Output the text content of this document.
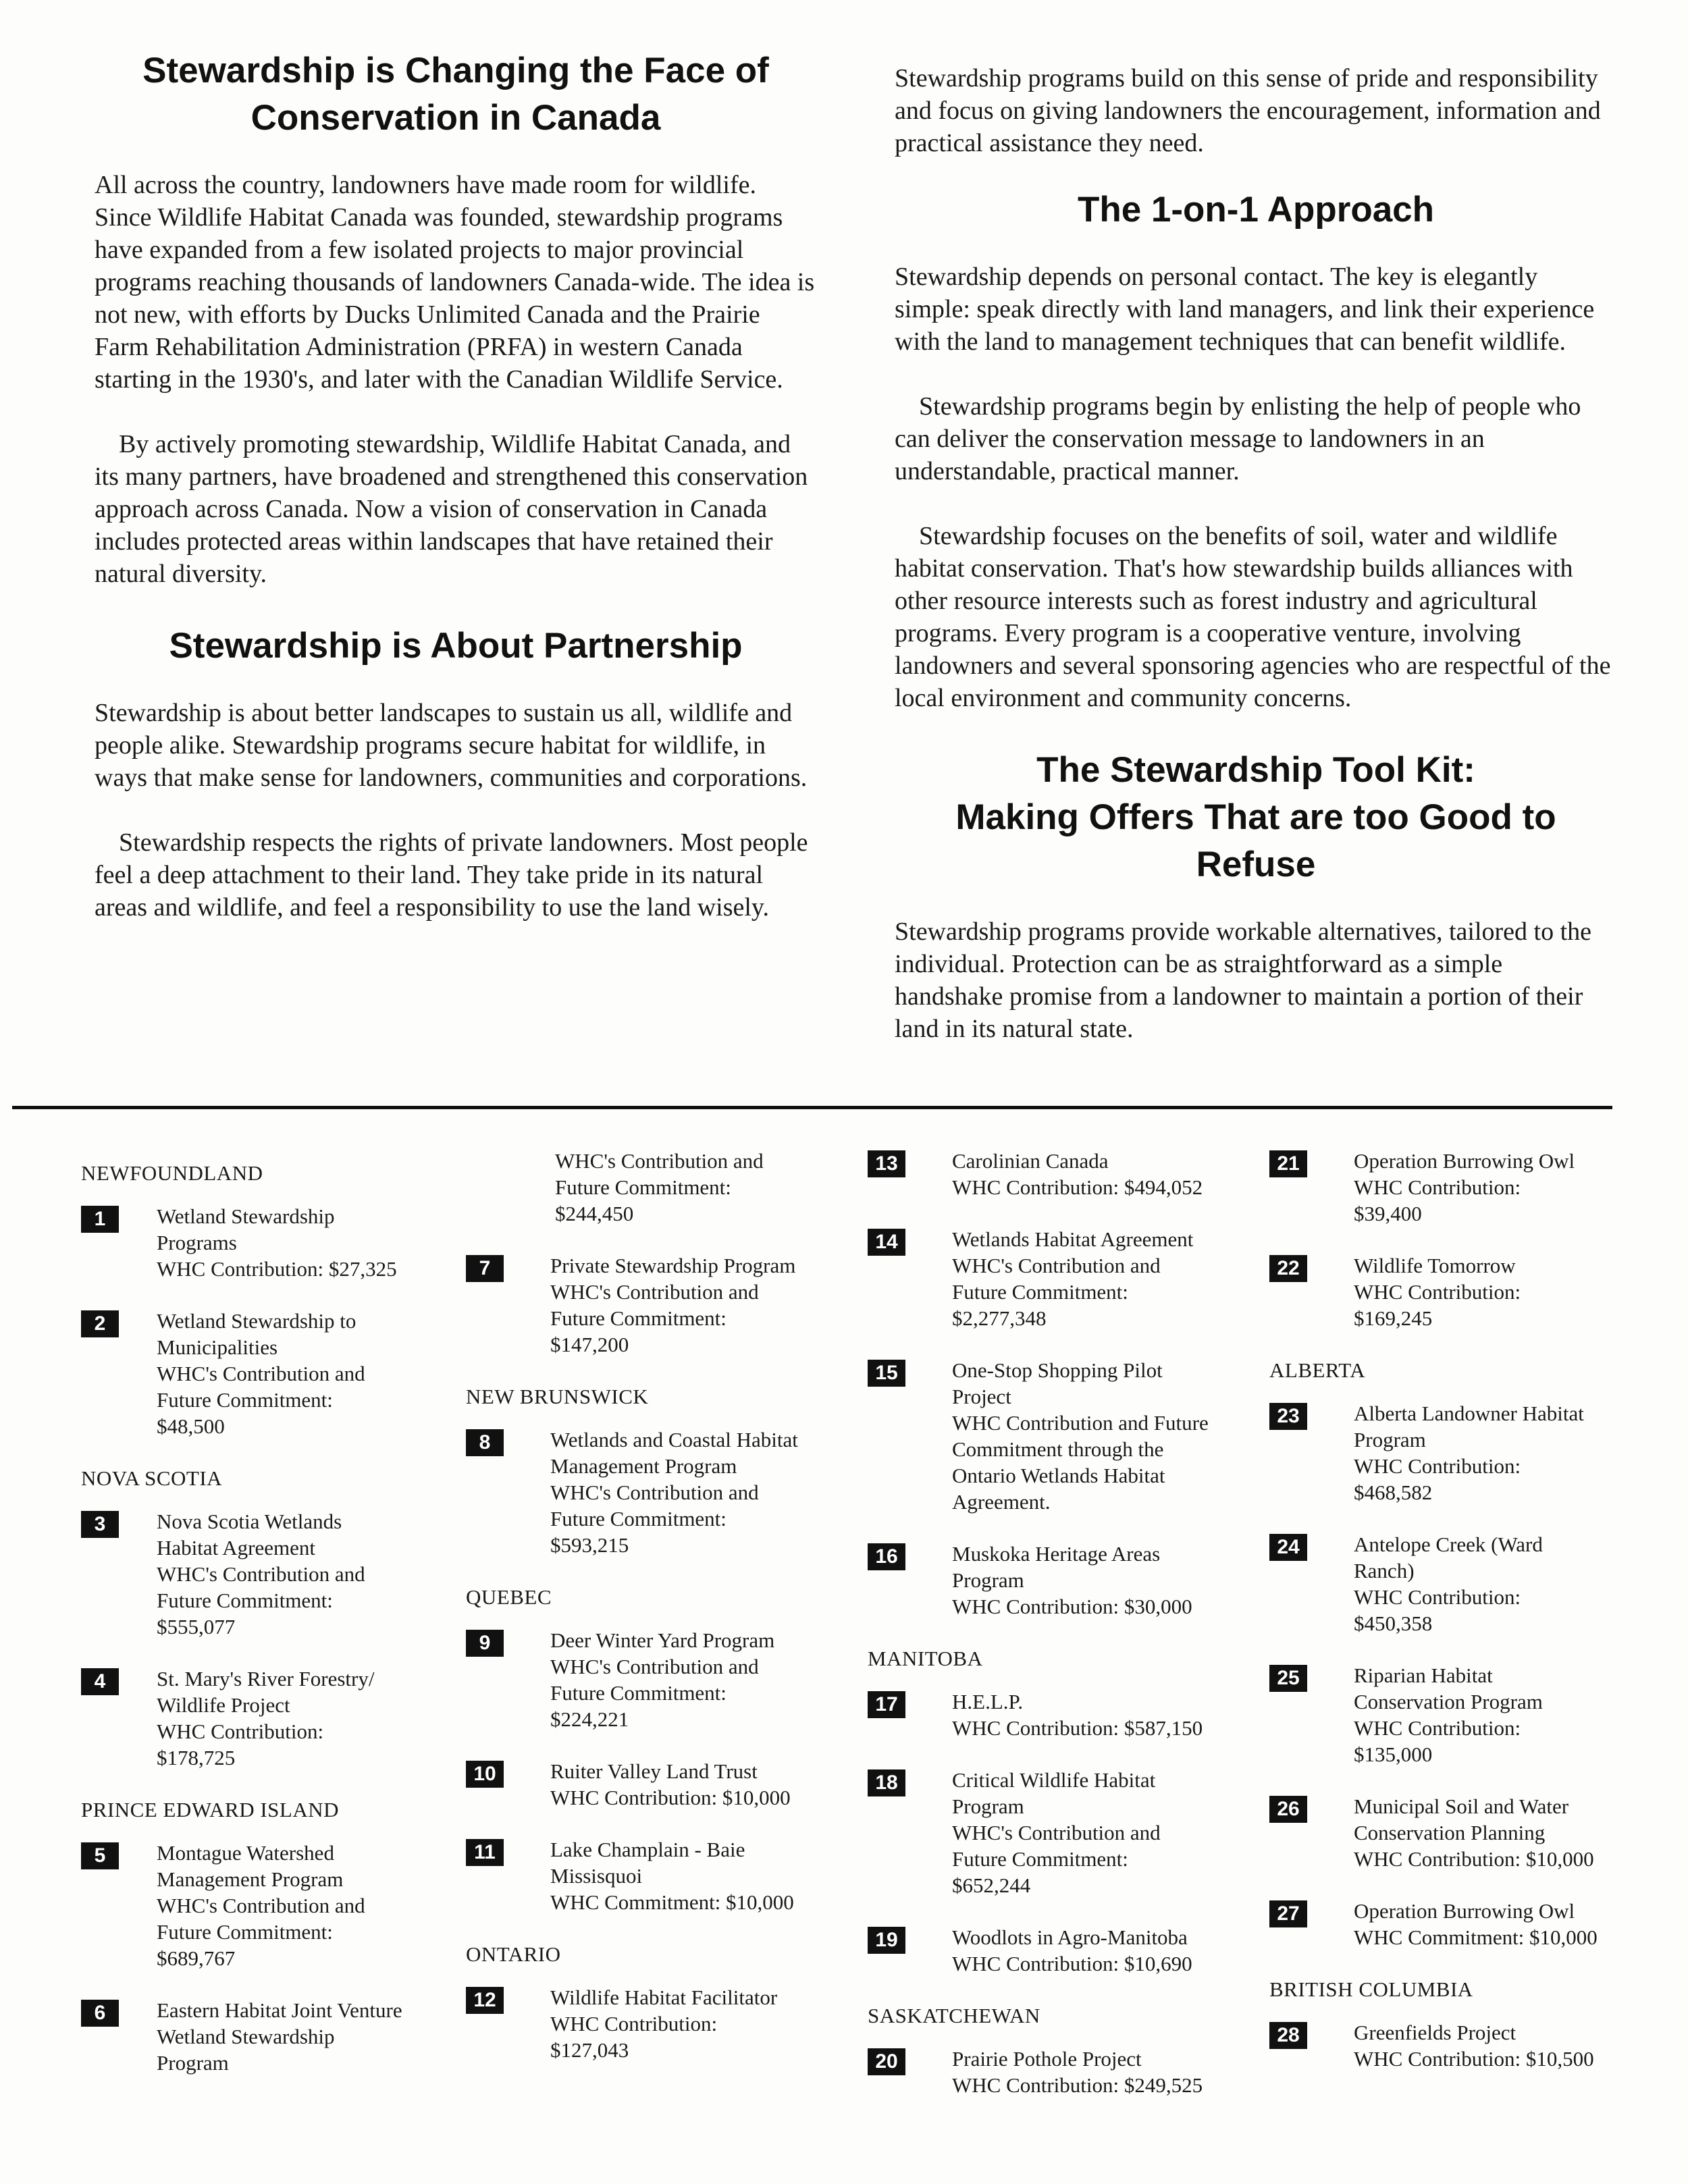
Stewardship is Changing the Face of
Conservation in Canada

All across the country, landowners have made room for wildlife. Since Wildlife Habitat Canada was founded, stewardship programs have expanded from a few isolated projects to major provincial programs reaching thousands of landowners Canada-wide. The idea is not new, with efforts by Ducks Unlimited Canada and the Prairie Farm Rehabilitation Administration (PRFA) in western Canada starting in the 1930's, and later with the Canadian Wildlife Service.

By actively promoting stewardship, Wildlife Habitat Canada, and its many partners, have broadened and strengthened this conservation approach across Canada. Now a vision of conservation in Canada includes protected areas within landscapes that have retained their natural diversity.

Stewardship is About Partnership

Stewardship is about better landscapes to sustain us all, wildlife and people alike. Stewardship programs secure habitat for wildlife, in ways that make sense for landowners, communities and corporations.

Stewardship respects the rights of private landowners. Most people feel a deep attachment to their land. They take pride in its natural areas and wildlife, and feel a responsibility to use the land wisely.

Stewardship programs build on this sense of pride and responsibility and focus on giving landowners the encouragement, information and practical assistance they need.

The 1-on-1 Approach

Stewardship depends on personal contact. The key is elegantly simple: speak directly with land managers, and link their experience with the land to management techniques that can benefit wildlife.

Stewardship programs begin by enlisting the help of people who can deliver the conservation message to landowners in an understandable, practical manner.

Stewardship focuses on the benefits of soil, water and wildlife habitat conservation. That's how stewardship builds alliances with other resource interests such as forest industry and agricultural programs. Every program is a cooperative venture, involving landowners and several sponsoring agencies who are respectful of the local environment and community concerns.

The Stewardship Tool Kit:
Making Offers That are too Good to Refuse

Stewardship programs provide workable alternatives, tailored to the individual. Protection can be as straightforward as a simple handshake promise from a landowner to maintain a portion of their land in its natural state.

NEWFOUNDLAND
1	Wetland Stewardship
Programs
WHC Contribution: $27,325
2	Wetland Stewardship to
Municipalities
WHC's Contribution and
Future Commitment:
$48,500
NOVA SCOTIA
3	Nova Scotia Wetlands
Habitat Agreement
WHC's Contribution and
Future Commitment:
$555,077
4	St. Mary's River Forestry/
Wildlife Project
WHC Contribution:
$178,725
PRINCE EDWARD ISLAND
5	Montague Watershed
Management Program
WHC's Contribution and
Future Commitment:
$689,767
6	Eastern Habitat Joint Venture
Wetland Stewardship
Program
WHC's Contribution and
Future Commitment:
$244,450
7	Private Stewardship Program
WHC's Contribution and
Future Commitment:
$147,200
NEW BRUNSWICK
8	Wetlands and Coastal Habitat
Management Program
WHC's Contribution and
Future Commitment:
$593,215
QUEBEC
9	Deer Winter Yard Program
WHC's Contribution and
Future Commitment:
$224,221
10	Ruiter Valley Land Trust
WHC Contribution: $10,000
11	Lake Champlain - Baie
Missisquoi
WHC Commitment: $10,000
ONTARIO
12	Wildlife Habitat Facilitator
WHC Contribution:
$127,043
13	Carolinian Canada
WHC Contribution: $494,052
14	Wetlands Habitat Agreement
WHC's Contribution and
Future Commitment:
$2,277,348
15	One-Stop Shopping Pilot
Project
WHC Contribution and Future
Commitment through the
Ontario Wetlands Habitat
Agreement.
16	Muskoka Heritage Areas
Program
WHC Contribution: $30,000
MANITOBA
17	H.E.L.P.
WHC Contribution: $587,150
18	Critical Wildlife Habitat
Program
WHC's Contribution and
Future Commitment:
$652,244
19	Woodlots in Agro-Manitoba
WHC Contribution: $10,690
SASKATCHEWAN
20	Prairie Pothole Project
WHC Contribution: $249,525
21	Operation Burrowing Owl
WHC Contribution:
$39,400
22	Wildlife Tomorrow
WHC Contribution:
$169,245
ALBERTA
23	Alberta Landowner Habitat
Program
WHC Contribution:
$468,582
24	Antelope Creek (Ward
Ranch)
WHC Contribution:
$450,358
25	Riparian Habitat
Conservation Program
WHC Contribution:
$135,000
26	Municipal Soil and Water
Conservation Planning
WHC Contribution: $10,000
27	Operation Burrowing Owl
WHC Commitment: $10,000
BRITISH COLUMBIA
28	Greenfields Project
WHC Contribution: $10,500
